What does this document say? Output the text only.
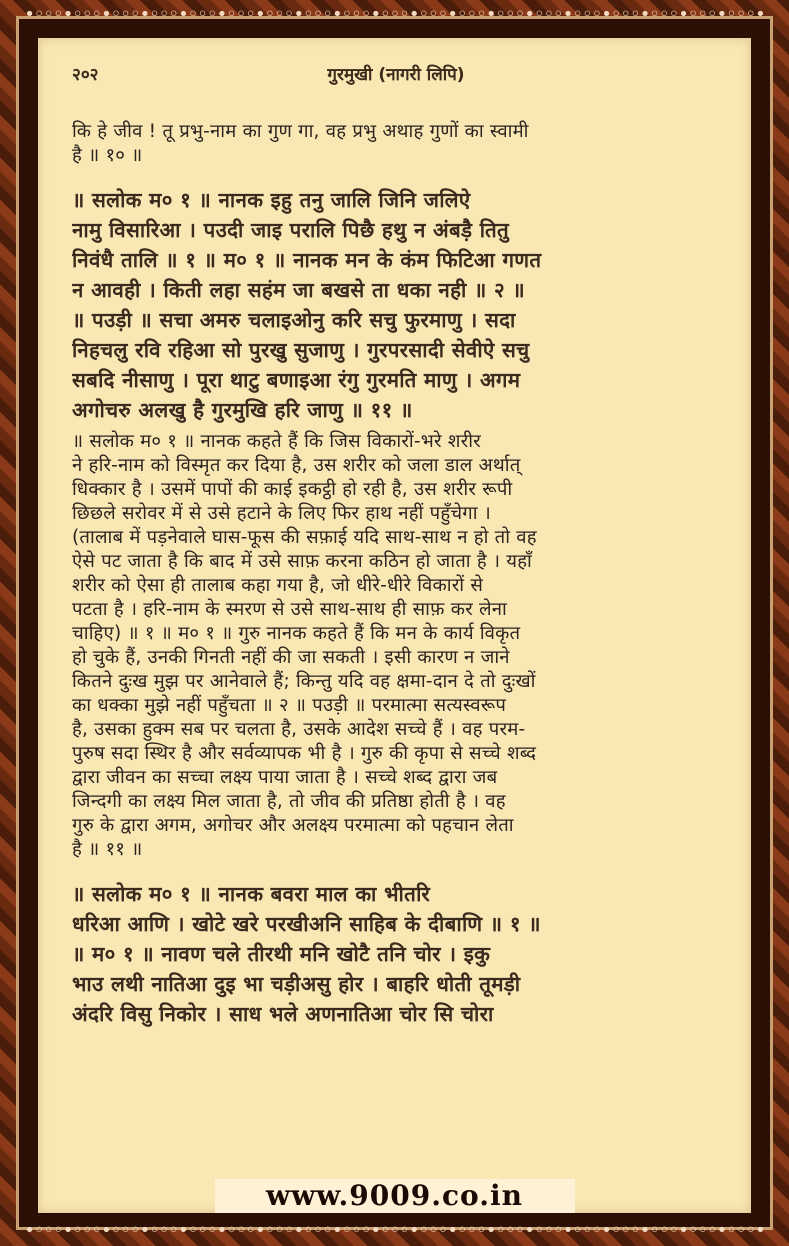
•◦◦◦•◦◦◦•◦◦◦•◦◦◦•◦◦◦•◦◦◦•◦◦◦•◦◦◦•◦◦◦•◦◦◦•◦◦◦•◦◦◦•◦◦◦•◦◦◦•◦◦◦•◦◦◦•◦◦◦•◦◦◦•◦◦◦•
•◦◦◦•◦◦◦•◦◦◦•◦◦◦•◦◦◦•◦◦◦•◦◦◦•◦◦◦•◦◦◦•◦◦◦•◦◦◦•◦◦◦•◦◦◦•◦◦◦•◦◦◦•◦◦◦•◦◦◦•◦◦◦•◦◦◦•
२०२	गुरमुखी (नागरी लिपि)
कि हे जीव ! तू प्रभु-नाम का गुण गा, वह प्रभु अथाह गुणों का स्वामी
है ॥ १० ॥
॥ सलोक म० १ ॥ नानक इहु तनु जालि जिनि जलिऐ
नामु विसारिआ । पउदी जाइ परालि पिछै हथु न अंबड़ै तितु
निवंधै तालि ॥ १ ॥ म० १ ॥ नानक मन के कंम फिटिआ गणत
न आवही । किती लहा सहंम जा बखसे ता धका नही ॥ २ ॥
॥ पउड़ी ॥ सचा अमरु चलाइओनु करि सचु फुरमाणु । सदा
निहचलु रवि रहिआ सो पुरखु सुजाणु । गुरपरसादी सेवीऐ सचु
सबदि नीसाणु । पूरा थाटु बणाइआ रंगु गुरमति माणु । अगम
अगोचरु अलखु है गुरमुखि हरि जाणु ॥ ११ ॥
॥ सलोक म० १ ॥ नानक कहते हैं कि जिस विकारों-भरे शरीर
ने हरि-नाम को विस्मृत कर दिया है, उस शरीर को जला डाल अर्थात्
धिक्कार है । उसमें पापों की काई इकट्ठी हो रही है, उस शरीर रूपी
छिछले सरोवर में से उसे हटाने के लिए फिर हाथ नहीं पहुँचेगा ।
(तालाब में पड़नेवाले घास-फूस की सफ़ाई यदि साथ-साथ न हो तो वह
ऐसे पट जाता है कि बाद में उसे साफ़ करना कठिन हो जाता है । यहाँ
शरीर को ऐसा ही तालाब कहा गया है, जो धीरे-धीरे विकारों से
पटता है । हरि-नाम के स्मरण से उसे साथ-साथ ही साफ़ कर लेना
चाहिए) ॥ १ ॥ म० १ ॥ गुरु नानक कहते हैं कि मन के कार्य विकृत
हो चुके हैं, उनकी गिनती नहीं की जा सकती । इसी कारण न जाने
कितने दुःख मुझ पर आनेवाले हैं; किन्तु यदि वह क्षमा-दान दे तो दुःखों
का धक्का मुझे नहीं पहुँचता ॥ २ ॥ पउड़ी ॥ परमात्मा सत्यस्वरूप
है, उसका हुक्म सब पर चलता है, उसके आदेश सच्चे हैं । वह परम-
पुरुष सदा स्थिर है और सर्वव्यापक भी है । गुरु की कृपा से सच्चे शब्द
द्वारा जीवन का सच्चा लक्ष्य पाया जाता है । सच्चे शब्द द्वारा जब
जिन्दगी का लक्ष्य मिल जाता है, तो जीव की प्रतिष्ठा होती है । वह
गुरु के द्वारा अगम, अगोचर और अलक्ष्य परमात्मा को पहचान लेता
है ॥ ११ ॥
॥ सलोक म० १ ॥ नानक बवरा माल का भीतरि
धरिआ आणि । खोटे खरे परखीअनि साहिब के दीबाणि ॥ १ ॥
॥ म० १ ॥ नावण चले तीरथी मनि खोटै तनि चोर । इकु
भाउ लथी नातिआ दुइ भा चड़ीअसु होर । बाहरि धोती तूमड़ी
अंदरि विसु निकोर । साध भले अणनातिआ चोर सि चोरा
www.9009.co.in
